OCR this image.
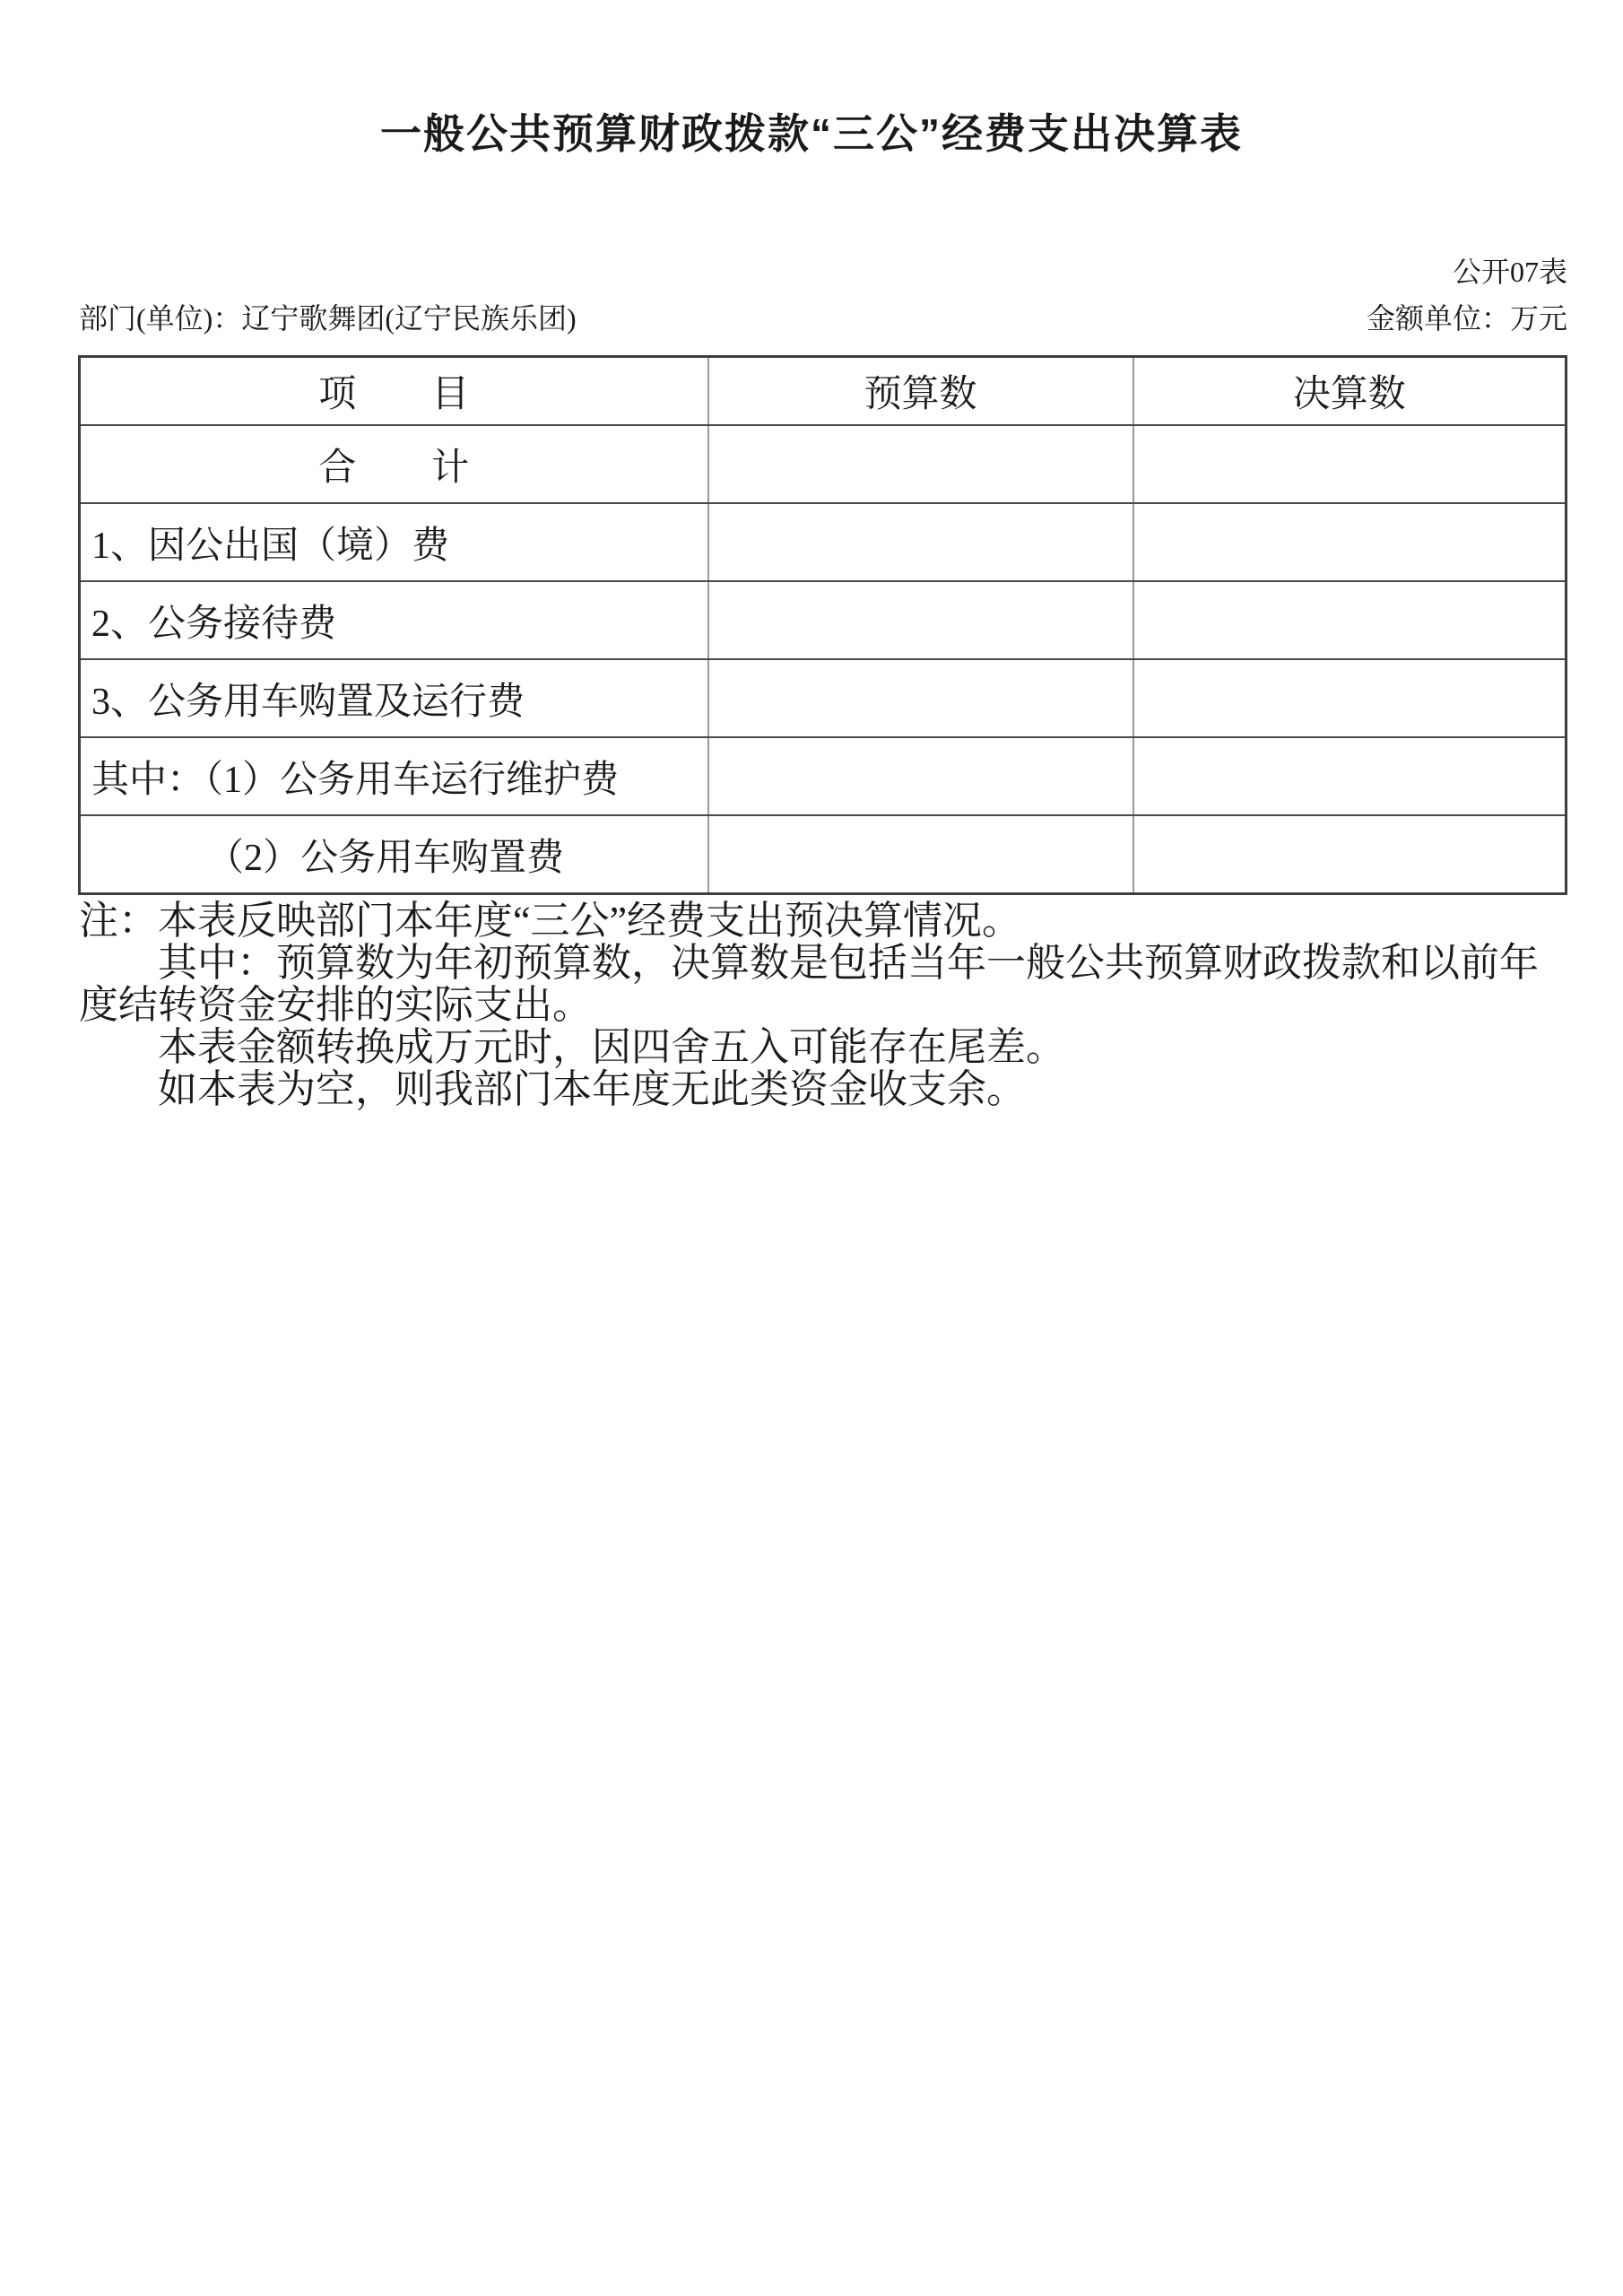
一般公共预算财政拨款“三公”经费支出决算表
公开07表
部门(单位)：辽宁歌舞团(辽宁民族乐团)	金额单位：万元
项　　目	预算数	决算数
合　　计		
1、因公出国（境）费		
2、公务接待费		
3、公务用车购置及运行费		
其中：（1）公务用车运行维护费		
（2）公务用车购置费		

注：本表反映部门本年度“三公”经费支出预决算情况。

其中：预算数为年初预算数，决算数是包括当年一般公共预算财政拨款和以前年度结转资金安排的实际支出。

本表金额转换成万元时，因四舍五入可能存在尾差。

如本表为空，则我部门本年度无此类资金收支余。
